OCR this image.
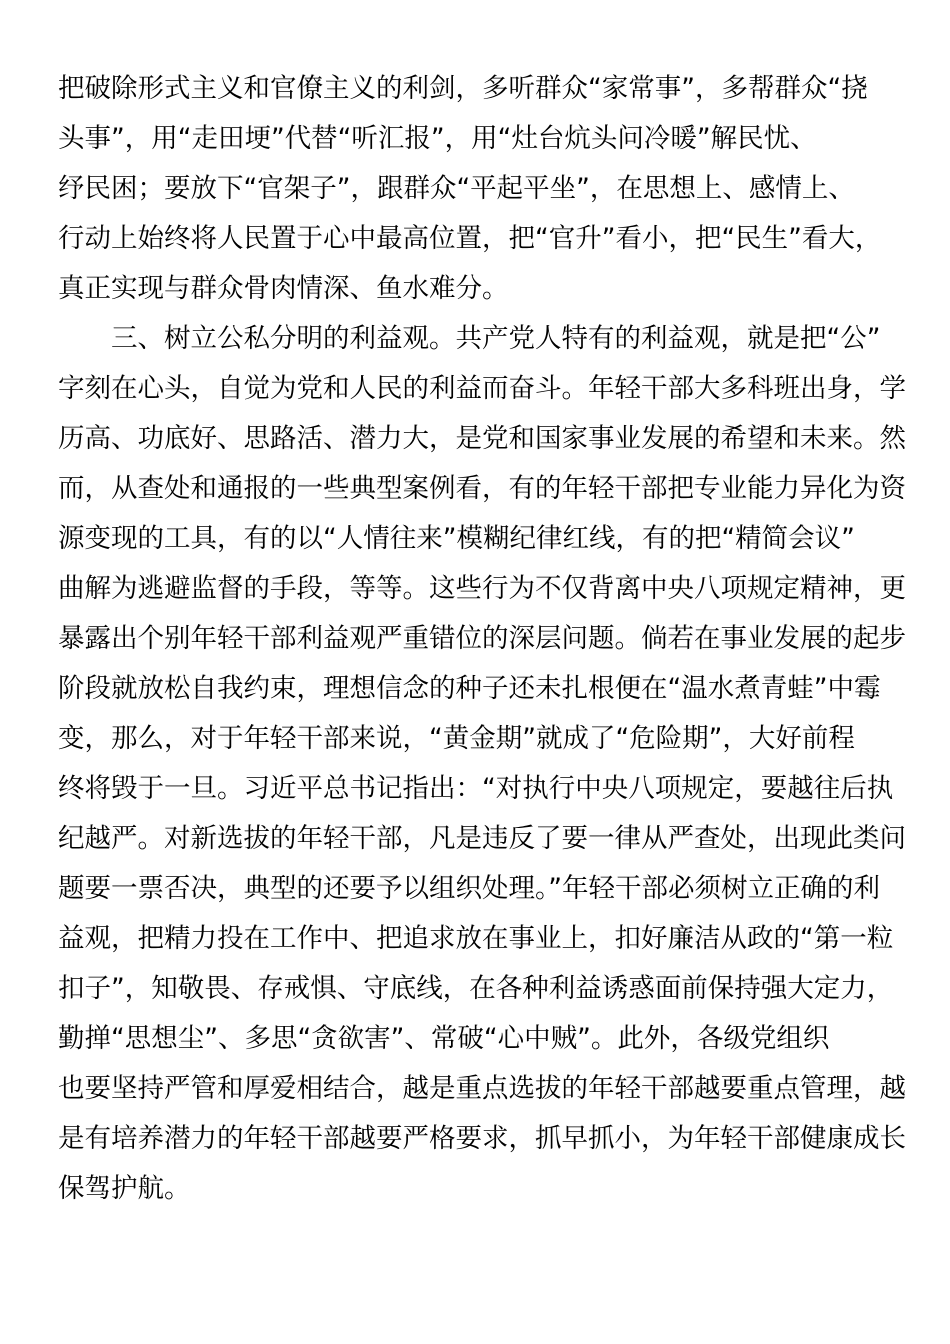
把破除形式主义和官僚主义的利剑，多听群众“家常事”，多帮群众“挠
头事”，用“走田埂”代替“听汇报”，用“灶台炕头问冷暖”解民忧、
纾民困；要放下“官架子”，跟群众“平起平坐”，在思想上、感情上、
行动上始终将人民置于心中最高位置，把“官升”看小，把“民生”看大，
真正实现与群众骨肉情深、鱼水难分。
　　三、树立公私分明的利益观。共产党人特有的利益观，就是把“公”
字刻在心头，自觉为党和人民的利益而奋斗。年轻干部大多科班出身，学
历高、功底好、思路活、潜力大，是党和国家事业发展的希望和未来。然
而，从查处和通报的一些典型案例看，有的年轻干部把专业能力异化为资
源变现的工具，有的以“人情往来”模糊纪律红线，有的把“精简会议”
曲解为逃避监督的手段，等等。这些行为不仅背离中央八项规定精神，更
暴露出个别年轻干部利益观严重错位的深层问题。倘若在事业发展的起步
阶段就放松自我约束，理想信念的种子还未扎根便在“温水煮青蛙”中霉
变，那么，对于年轻干部来说，“黄金期”就成了“危险期”，大好前程
终将毁于一旦。习近平总书记指出：“对执行中央八项规定，要越往后执
纪越严。对新选拔的年轻干部，凡是违反了要一律从严查处，出现此类问
题要一票否决，典型的还要予以组织处理。”年轻干部必须树立正确的利
益观，把精力投在工作中、把追求放在事业上，扣好廉洁从政的“第一粒
扣子”，知敬畏、存戒惧、守底线，在各种利益诱惑面前保持强大定力，
勤掸“思想尘”、多思“贪欲害”、常破“心中贼”。此外，各级党组织
也要坚持严管和厚爱相结合，越是重点选拔的年轻干部越要重点管理，越
是有培养潜力的年轻干部越要严格要求，抓早抓小，为年轻干部健康成长
保驾护航。
